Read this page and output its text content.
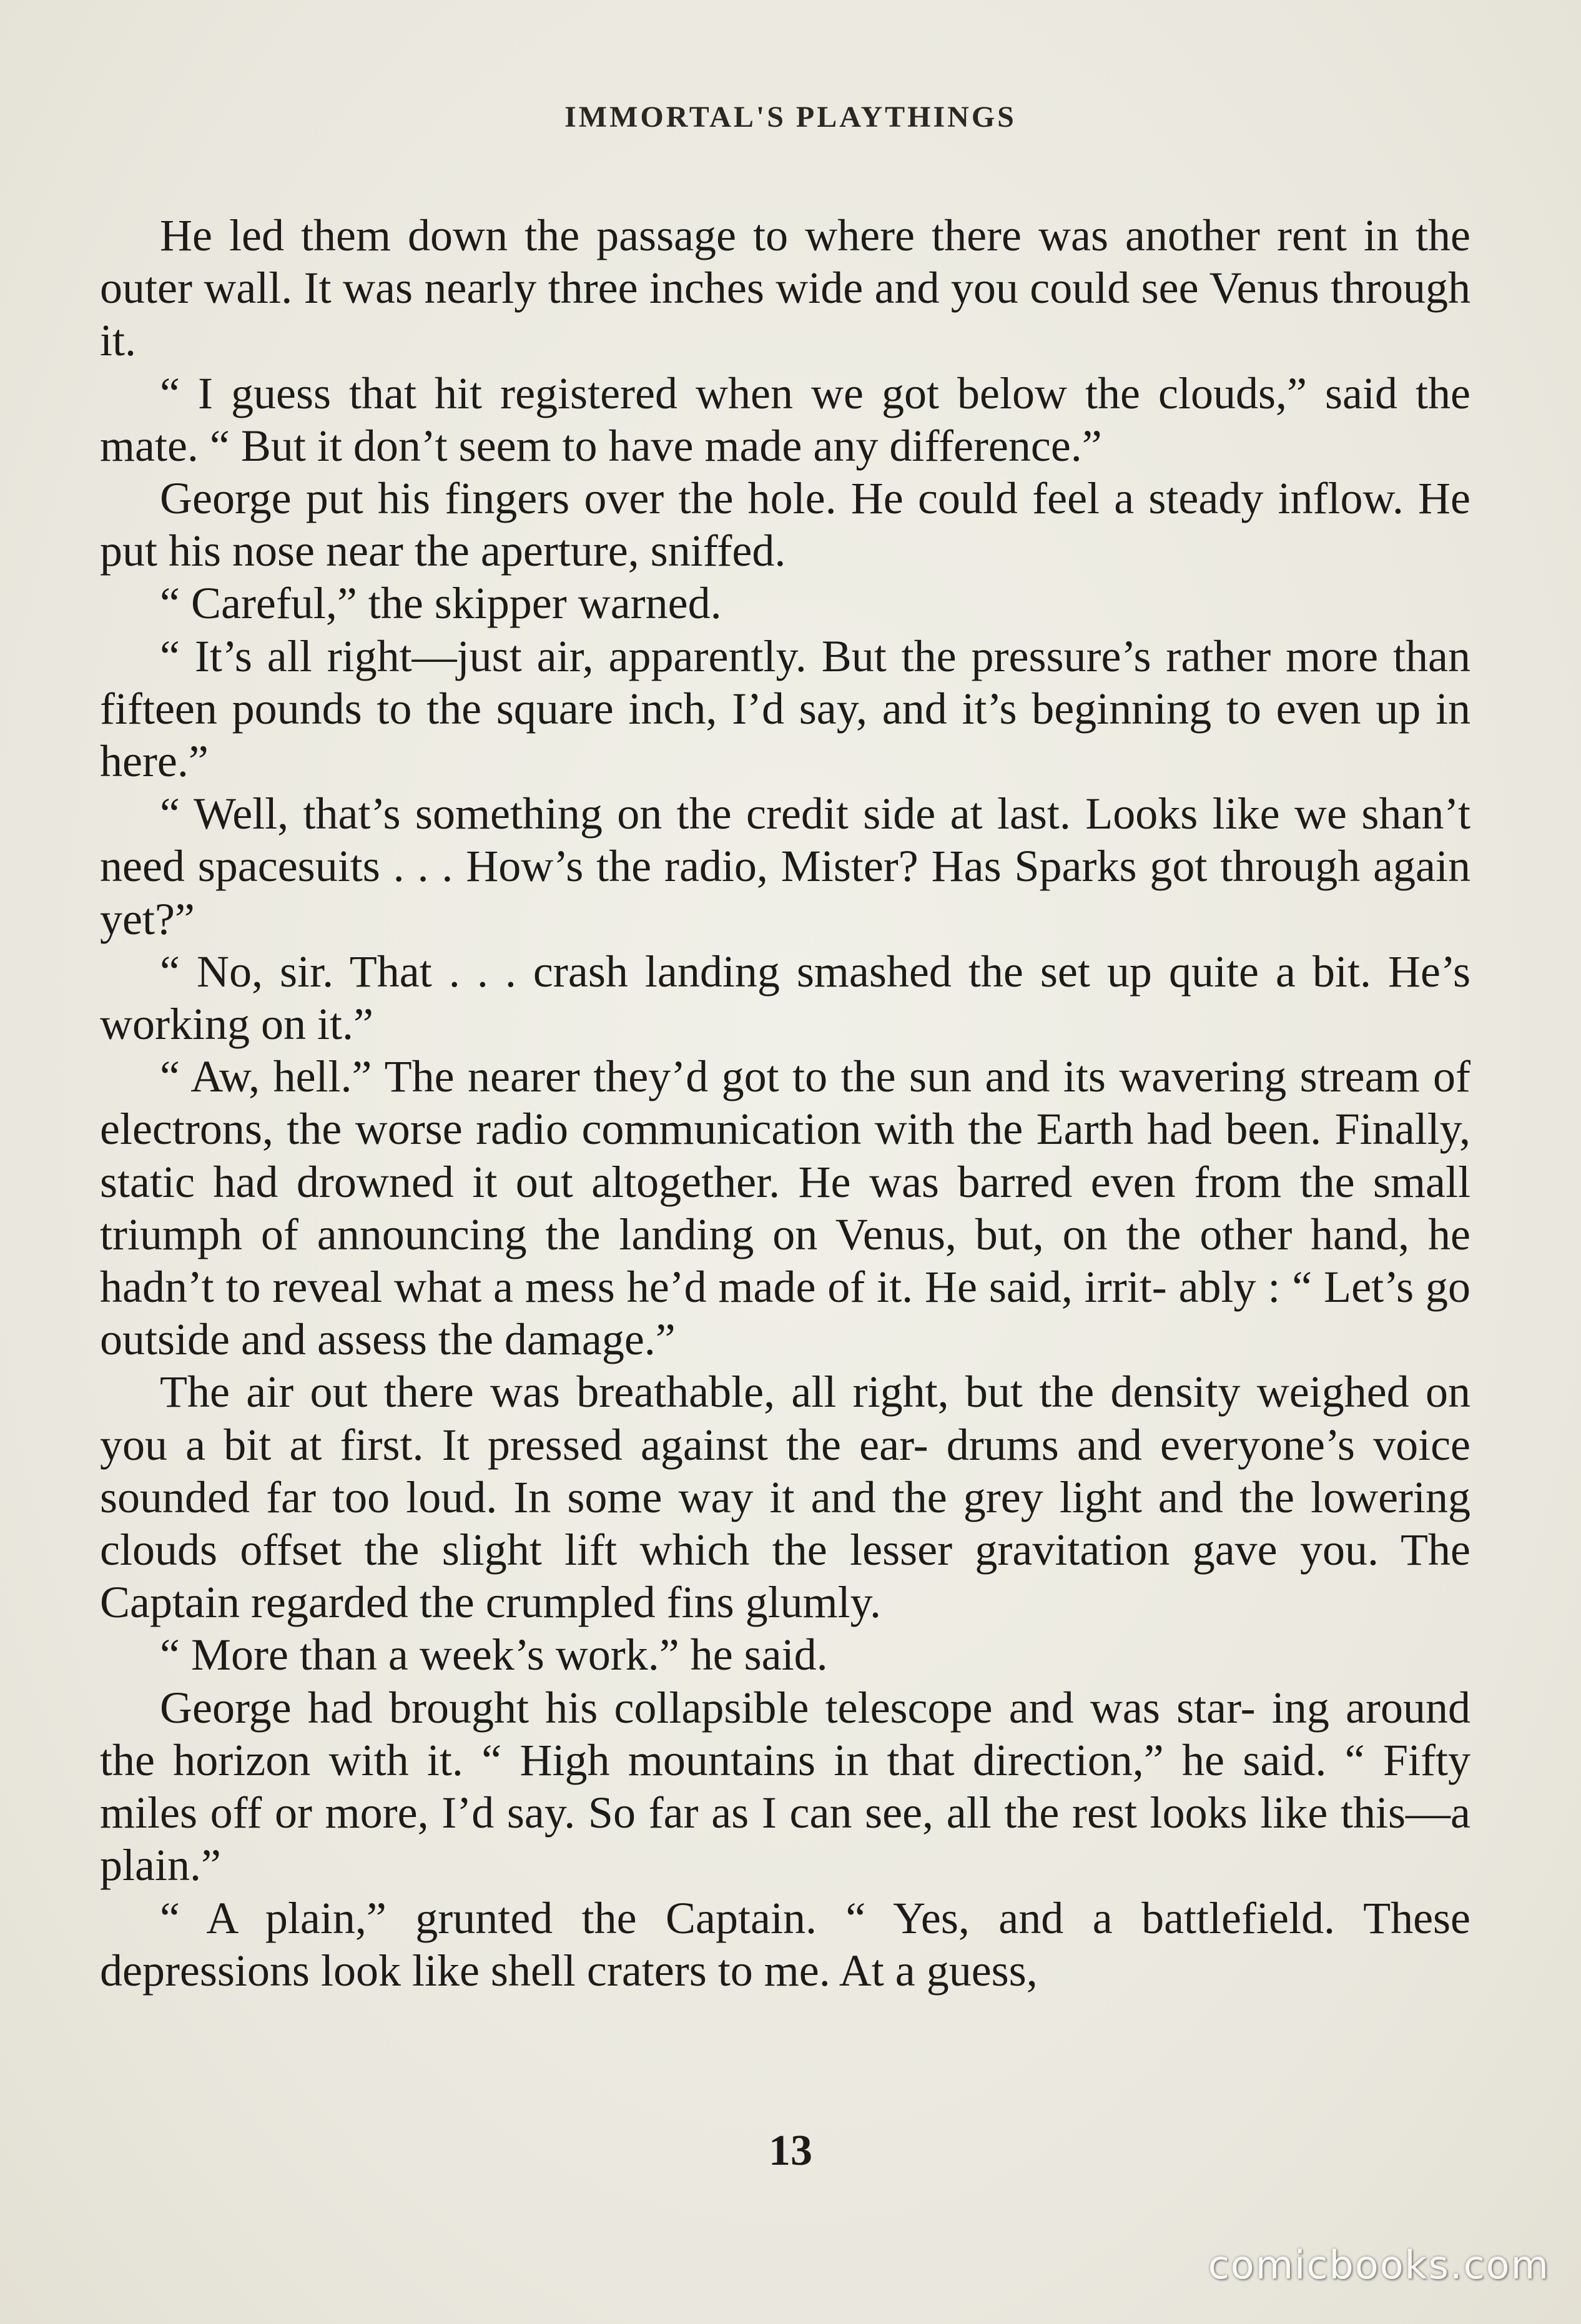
IMMORTAL'S PLAYTHINGS

He led them down the passage to where there was another rent in the outer wall. It was nearly three inches wide and you could see Venus through it.

“ I guess that hit registered when we got below the clouds,” said the mate. “ But it don’t seem to have made any difference.”

George put his fingers over the hole. He could feel a steady inflow. He put his nose near the aperture, sniffed.

“ Careful,” the skipper warned.

“ It’s all right—just air, apparently. But the pressure’s rather more than fifteen pounds to the square inch, I’d say, and it’s beginning to even up in here.”

“ Well, that’s something on the credit side at last. Looks like we shan’t need spacesuits . . . How’s the radio, Mister? Has Sparks got through again yet?”

“ No, sir. That . . . crash landing smashed the set up quite a bit. He’s working on it.”

“ Aw, hell.” The nearer they’d got to the sun and its wavering stream of electrons, the worse radio communication with the Earth had been. Finally, static had drowned it out altogether. He was barred even from the small triumph of announcing the landing on Venus, but, on the other hand, he hadn’t to reveal what a mess he’d made of it. He said, irrit- ably : “ Let’s go outside and assess the damage.”

The air out there was breathable, all right, but the density weighed on you a bit at first. It pressed against the ear- drums and everyone’s voice sounded far too loud. In some way it and the grey light and the lowering clouds offset the slight lift which the lesser gravitation gave you. The Captain regarded the crumpled fins glumly.

“ More than a week’s work.” he said.

George had brought his collapsible telescope and was star- ing around the horizon with it. “ High mountains in that direction,” he said. “ Fifty miles off or more, I’d say. So far as I can see, all the rest looks like this—a plain.”

“ A plain,” grunted the Captain. “ Yes, and a battlefield. These depressions look like shell craters to me. At a guess,

13
comicbooks.com
